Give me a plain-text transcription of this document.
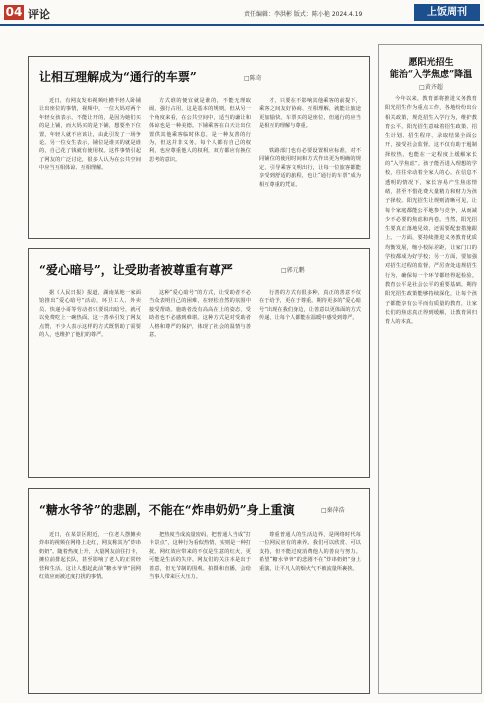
04 评论	责任编辑：李洪彬 版式：陈小艳 2024.4.19	上饭周刊
让相互理解成为“通行的车票”	□陈奇
近日，有网友发布视频吐槽半轻人卧铺让出座位的事情，视频中，一位大妈对两个年轻女孩表示，不能让开的，是因为她们买的是上铺，而大妈买的是下铺，想要坐下位置，年轻人就不应该让，由此引发了一场争论。另一位女生表示，铺位是谁买的就是谁的，自己花了钱就有使用权。这件事情引起了网友的广泛讨论，很多人认为在公共空间中应当互相体谅、互相理解。
方式谁的便宜就是谁的，不能无理取闹、强行占用，这是基本的规则。但从另一个角度来看，在公共空间中，适当的谦让和体谅也是一种美德。下铺乘客在白天让出位置供其他乘客临时休息，是一种友善的行为，但这并非义务。每个人都有自己的权利，也应尊重他人的权利，双方都应有换位思考的意识。
才，只要在不影响其他乘客的前提下，乘客之间友好协商、互相理解，就能让旅途更加愉快。车票买的是座位，但通行的应当是相互的理解与尊重。
铁路部门也有必要设置相应标准，对不同铺位的使用时间和方式作出更为明确的规定，引导乘客文明出行，让每一位旅客都能享受到舒适的旅程，也让“通行的车票”成为相互尊重的凭证。
“爱心暗号”，让受助者被尊重有尊严	□郭元鹏
据《人民日报》报道，湖南某地一家面馆推出“爱心暗号”活动，环卫工人、外卖员、快递小哥等劳动者只要说出暗号，就可以免费吃上一碗热面。这一善举引发了网友点赞，不少人表示这样的方式既帮助了需要的人，也维护了他们的尊严。
这种“爱心暗号”的方式，让受助者不必当众表明自己的困难，在轻松自然的氛围中接受帮助。施助者没有高高在上的姿态，受助者也不必感到难堪。这种方式是对受助者人格和尊严的保护，体现了社会的温情与善意。
行善的方式有很多种，真正的善意不仅在于给予，更在于尊重。期待更多的“爱心暗号”出现在我们身边，让善意以更体面的方式传递，让每个人都能在温暖中感受到尊严。
“糖水爷爷”的悲剧，不能在“炸串奶奶”身上重演	□秦萍浩
近日，在某景区附近，一位老人摆摊卖炸串的视频在网络上走红，网友称其为“炸串奶奶”。随着热度上升，大量网友前往打卡，摊位前排起长队，甚至影响了老人的正常经营和生活。这让人想起此前“糖水爷爷”因网红效应而被过度打扰的事情。
把热度当成流量密码，把普通人当成“打卡景点”，这种行为看似热情，实则是一种打扰。网红效应带来的不仅是生意的红火，更可能是生活的失序。网友们的关注本是出于善意，但无节制的围观、拍摄和直播，会给当事人带来巨大压力。
尊重普通人的生活边界，是网络时代每一位网民应有的素养。我们可以欣赏、可以支持，但不能过度消费他人的善良与努力。希望“糖水爷爷”的悲剧不在“炸串奶奶”身上重演，让平凡人的烟火气不被流量所裹挟。
愿阳光招生
能治“入学焦虑”降温
□黄齐超
今年以来，教育部将推进义务教育阳光招生作为重点工作，各地纷纷出台相关政策，规范招生入学行为，维护教育公平。阳光招生意味着招生政策、招生计划、招生程序、录取结果全面公开，接受社会监督。这不仅有助于遏制择校热，也能在一定程度上缓解家长的“入学焦虑”。孩子能否进入理想的学校，往往牵动着全家人的心。在信息不透明的情况下，家长容易产生焦虑情绪，甚至不惜花费大量精力和财力为孩子择校。阳光招生让规则清晰可见，让每个家庭都能公平地参与竞争，从而减少不必要的焦虑和内卷。当然，阳光招生要真正落地见效，还需要配套措施跟上。一方面，要持续推进义务教育优质均衡发展，缩小校际差距，让家门口的学校都成为好学校；另一方面，要加强对招生过程的监督，严厉查处违规招生行为，确保每一个环节都经得起检验。教育公平是社会公平的重要基础。期待阳光招生政策能够持续深化，让每个孩子都能享有公平而有质量的教育，让家长们的焦虑真正得到缓解，让教育回归育人的本真。
